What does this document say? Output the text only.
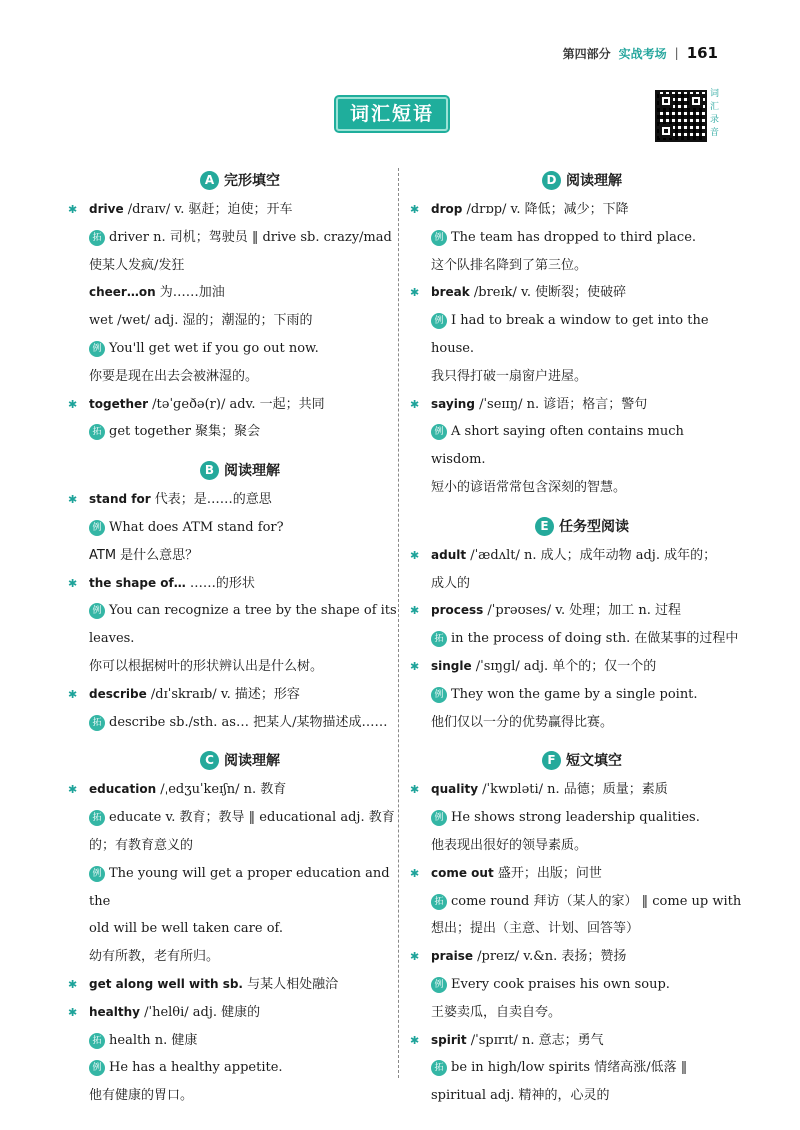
第四部分 实战考场 | 161
词汇短语
词汇录音
A 完形填空
✱ drive /draɪv/ v. 驱赶；迫使；开车
拓 driver n. 司机；驾驶员 ‖ drive sb. crazy/mad
使某人发疯/发狂
cheer…on 为……加油
wet /wet/ adj. 湿的；潮湿的；下雨的
例 You'll get wet if you go out now.
你要是现在出去会被淋湿的。
✱ together /təˈɡeðə(r)/ adv. 一起；共同
拓 get together 聚集；聚会
B 阅读理解
✱ stand for 代表；是……的意思
例 What does ATM stand for?
ATM 是什么意思？
✱ the shape of… ……的形状
例 You can recognize a tree by the shape of its
leaves.
你可以根据树叶的形状辨认出是什么树。
✱ describe /dɪˈskraɪb/ v. 描述；形容
拓 describe sb./sth. as… 把某人/某物描述成……
C 阅读理解
✱ education /ˌedʒuˈkeɪʃn/ n. 教育
拓 educate v. 教育；教导 ‖ educational adj. 教育
的；有教育意义的
例 The young will get a proper education and the
old will be well taken care of.
幼有所教，老有所归。
✱ get along well with sb. 与某人相处融洽
✱ healthy /ˈhelθi/ adj. 健康的
拓 health n. 健康
例 He has a healthy appetite.
他有健康的胃口。
D 阅读理解
✱ drop /drɒp/ v. 降低；减少；下降
例 The team has dropped to third place.
这个队排名降到了第三位。
✱ break /breɪk/ v. 使断裂；使破碎
例 I had to break a window to get into the house.
我只得打破一扇窗户进屋。
✱ saying /ˈseɪɪŋ/ n. 谚语；格言；警句
例 A short saying often contains much wisdom.
短小的谚语常常包含深刻的智慧。
E 任务型阅读
✱ adult /ˈædʌlt/ n. 成人；成年动物 adj. 成年的；
成人的
✱ process /ˈprəʊses/ v. 处理；加工 n. 过程
拓 in the process of doing sth. 在做某事的过程中
✱ single /ˈsɪŋɡl/ adj. 单个的；仅一个的
例 They won the game by a single point.
他们仅以一分的优势赢得比赛。
F 短文填空
✱ quality /ˈkwɒləti/ n. 品德；质量；素质
例 He shows strong leadership qualities.
他表现出很好的领导素质。
✱ come out 盛开；出版；问世
拓 come round 拜访（某人的家） ‖ come up with
想出；提出（主意、计划、回答等）
✱ praise /preɪz/ v.&n. 表扬；赞扬
例 Every cook praises his own soup.
王婆卖瓜，自卖自夸。
✱ spirit /ˈspɪrɪt/ n. 意志；勇气
拓 be in high/low spirits 情绪高涨/低落 ‖
spiritual adj. 精神的，心灵的
